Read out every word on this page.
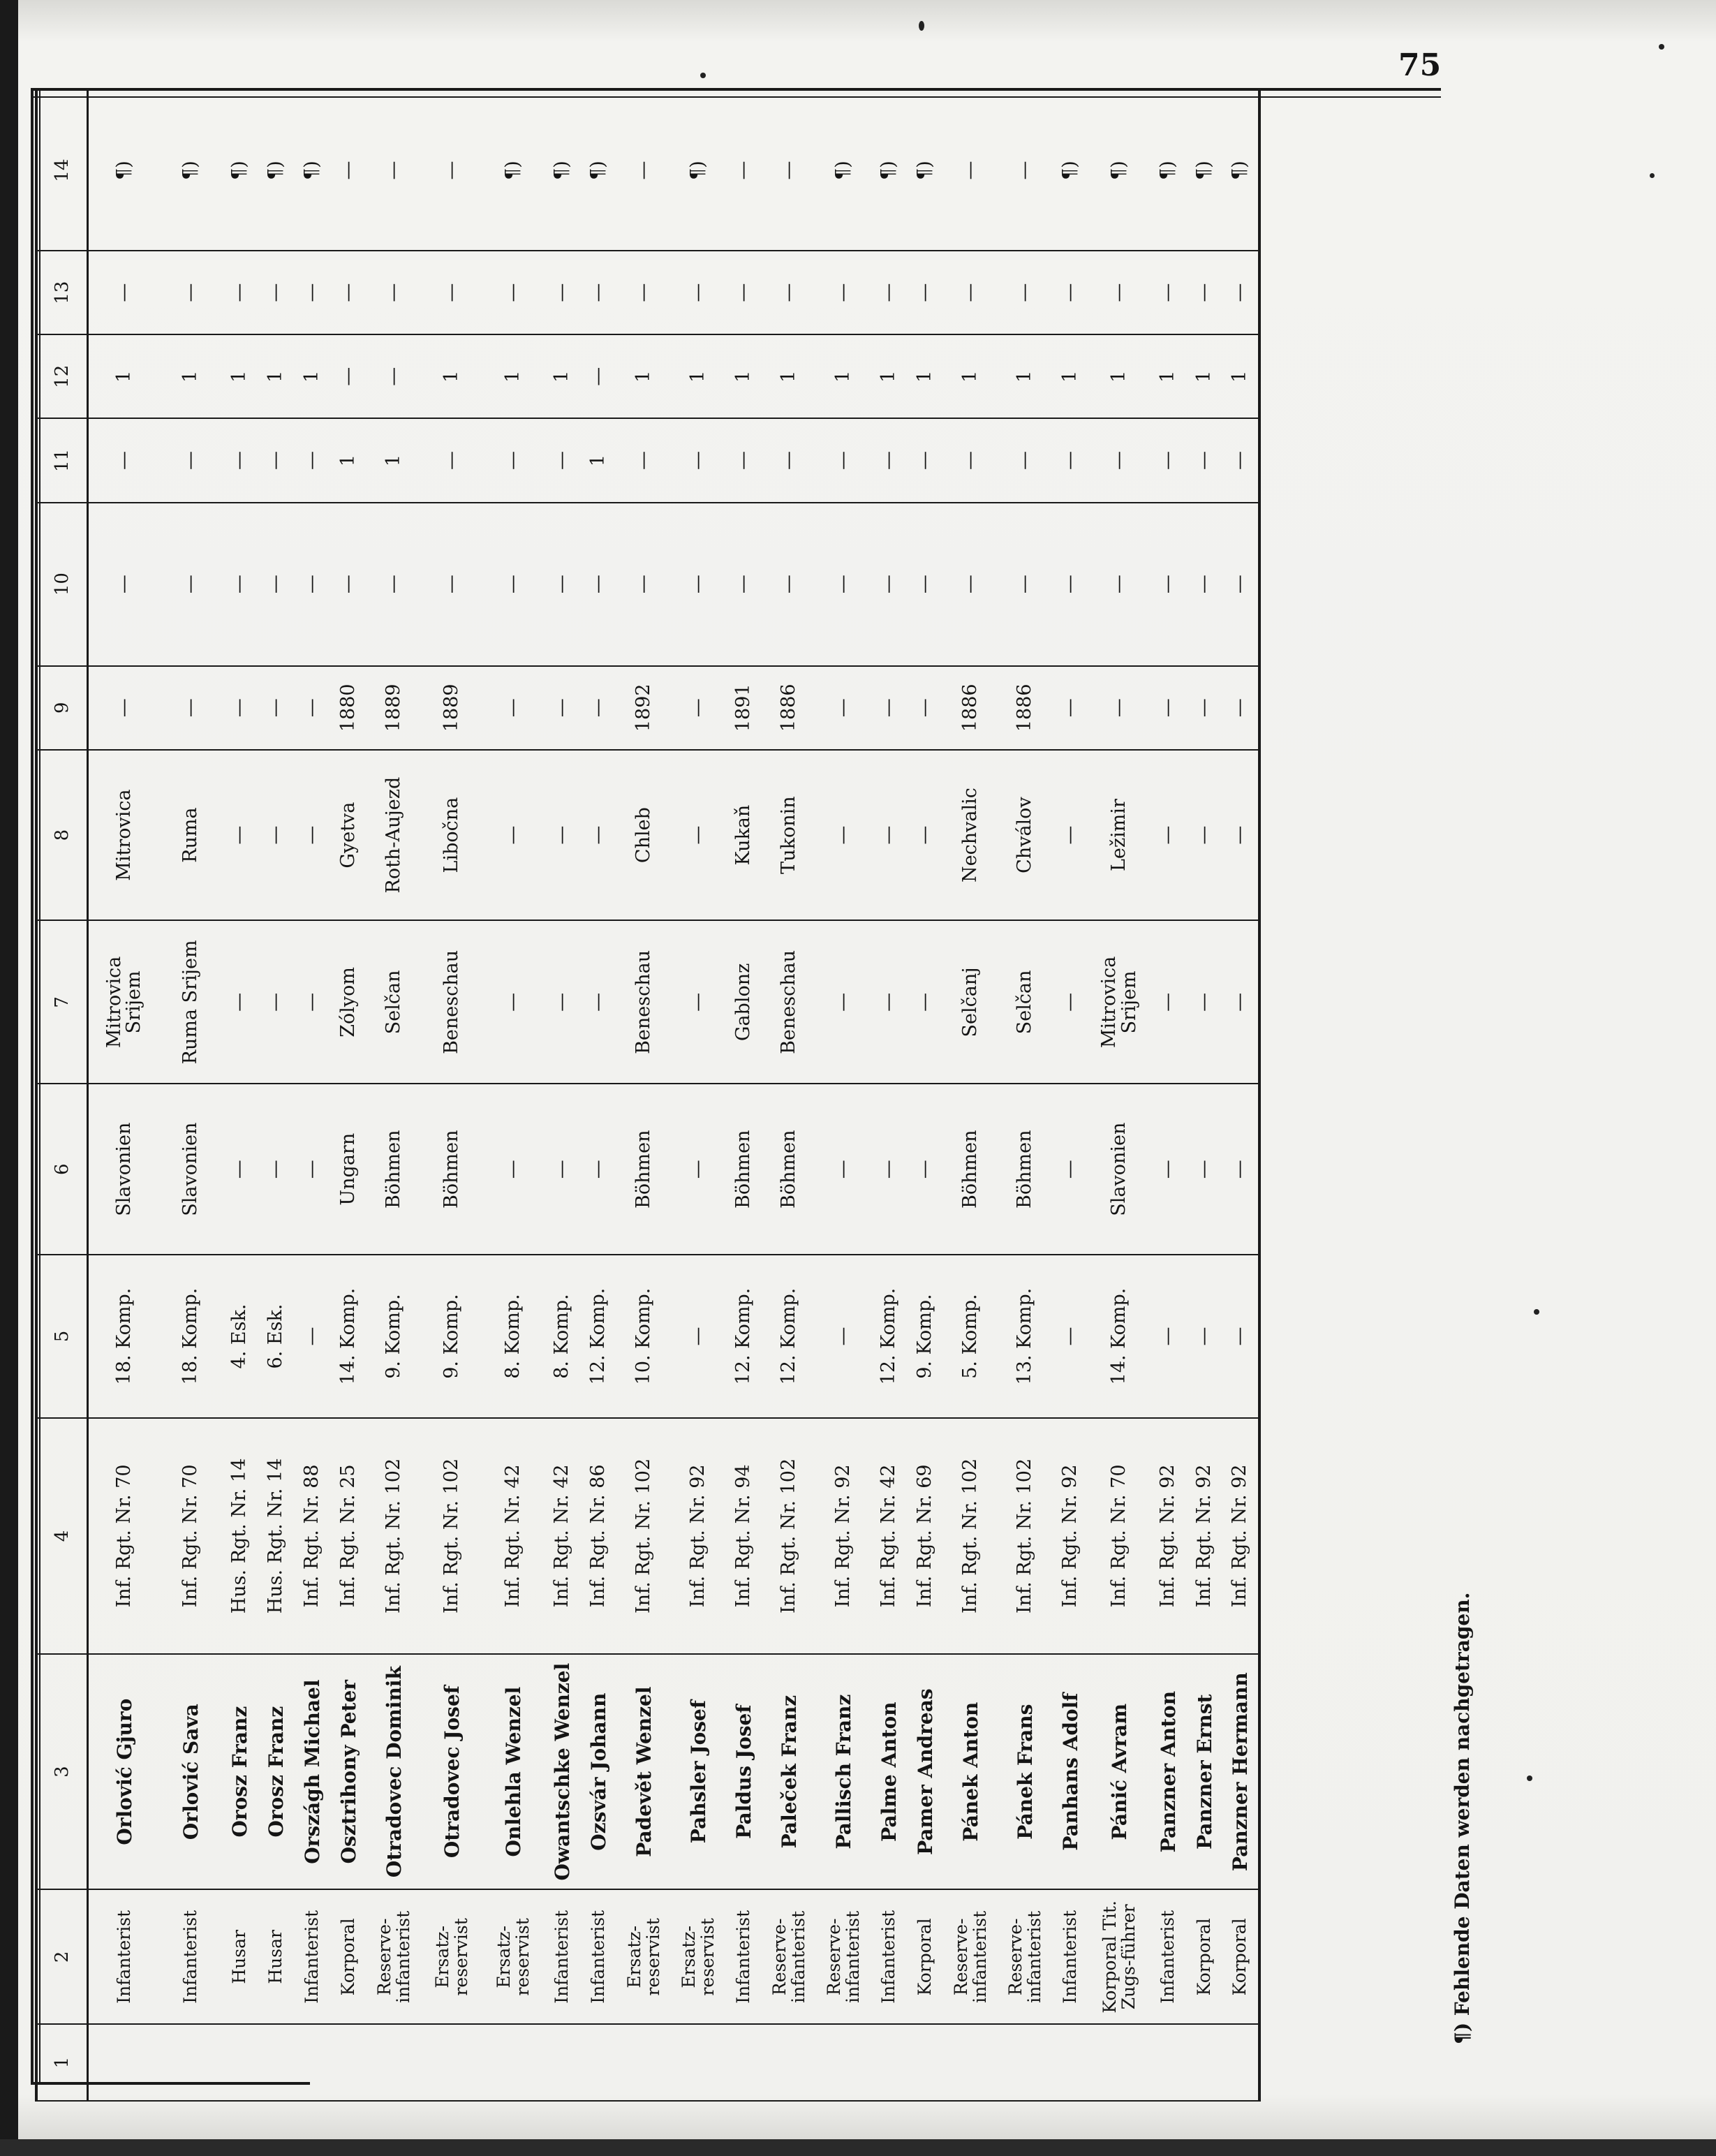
75
1	2	3	4	5	6	7	8	9	10	11	12	13	14
	Infanterist	Orlović Gjuro	Inf. Rgt. Nr. 70	18. Komp.	Slavonien	Mitrovica Srijem	Mitrovica	—	—	—	1	—	¶)
	Infanterist	Orlović Sava	Inf. Rgt. Nr. 70	18. Komp.	Slavonien	Ruma Srijem	Ruma	—	—	—	1	—	¶)
	Husar	Orosz Franz	Hus. Rgt. Nr. 14	4. Esk.	—	—	—	—	—	—	1	—	¶)
	Husar	Orosz Franz	Hus. Rgt. Nr. 14	6. Esk.	—	—	—	—	—	—	1	—	¶)
	Infanterist	Országh Michael	Inf. Rgt. Nr. 88	—	—	—	—	—	—	—	1	—	¶)
	Korporal	Osztrihony Peter	Inf. Rgt. Nr. 25	14. Komp.	Ungarn	Zólyom	Gyetva	1880	—	1	—	—	—
	Reserve-infanterist	Otradovec Dominik	Inf. Rgt. Nr. 102	9. Komp.	Böhmen	Selčan	Roth-Aujezd	1889	—	1	—	—	—
	Ersatz-reservist	Otradovec Josef	Inf. Rgt. Nr. 102	9. Komp.	Böhmen	Beneschau	Libočna	1889	—	—	1	—	—
	Ersatz-reservist	Onlehla Wenzel	Inf. Rgt. Nr. 42	8. Komp.	—	—	—	—	—	—	1	—	¶)
	Infanterist	Owantschke Wenzel	Inf. Rgt. Nr. 42	8. Komp.	—	—	—	—	—	—	1	—	¶)
	Infanterist	Ozsvár Johann	Inf. Rgt. Nr. 86	12. Komp.	—	—	—	—	—	1	—	—	¶)
	Ersatz-reservist	Padevět Wenzel	Inf. Rgt. Nr. 102	10. Komp.	Böhmen	Beneschau	Chleb	1892	—	—	1	—	—
	Ersatz-reservist	Pahsler Josef	Inf. Rgt. Nr. 92	—	—	—	—	—	—	—	1	—	¶)
	Infanterist	Paldus Josef	Inf. Rgt. Nr. 94	12. Komp.	Böhmen	Gablonz	Kukaň	1891	—	—	1	—	—
	Reserve-infanterist	Paleček Franz	Inf. Rgt. Nr. 102	12. Komp.	Böhmen	Beneschau	Tukonin	1886	—	—	1	—	—
	Reserve-infanterist	Pallisch Franz	Inf. Rgt. Nr. 92	—	—	—	—	—	—	—	1	—	¶)
	Infanterist	Palme Anton	Inf. Rgt. Nr. 42	12. Komp.	—	—	—	—	—	—	1	—	¶)
	Korporal	Pamer Andreas	Inf. Rgt. Nr. 69	9. Komp.	—	—	—	—	—	—	1	—	¶)
	Reserve-infanterist	Pánek Anton	Inf. Rgt. Nr. 102	5. Komp.	Böhmen	Selčanj	Nechvalic	1886	—	—	1	—	—
	Reserve-infanterist	Pánek Frans	Inf. Rgt. Nr. 102	13. Komp.	Böhmen	Selčan	Chválov	1886	—	—	1	—	—
	Infanterist	Panhans Adolf	Inf. Rgt. Nr. 92	—	—	—	—	—	—	—	1	—	¶)
	Korporal Tit. Zugs-führer	Pánić Avram	Inf. Rgt. Nr. 70	14. Komp.	Slavonien	Mitrovica Srijem	Ležimir	—	—	—	1	—	¶)
	Infanterist	Panzner Anton	Inf. Rgt. Nr. 92	—	—	—	—	—	—	—	1	—	¶)
	Korporal	Panzner Ernst	Inf. Rgt. Nr. 92	—	—	—	—	—	—	—	1	—	¶)
	Korporal	Panzner Hermann	Inf. Rgt. Nr. 92	—	—	—	—	—	—	—	1	—	¶)
¶) Fehlende Daten werden nachgetragen.
